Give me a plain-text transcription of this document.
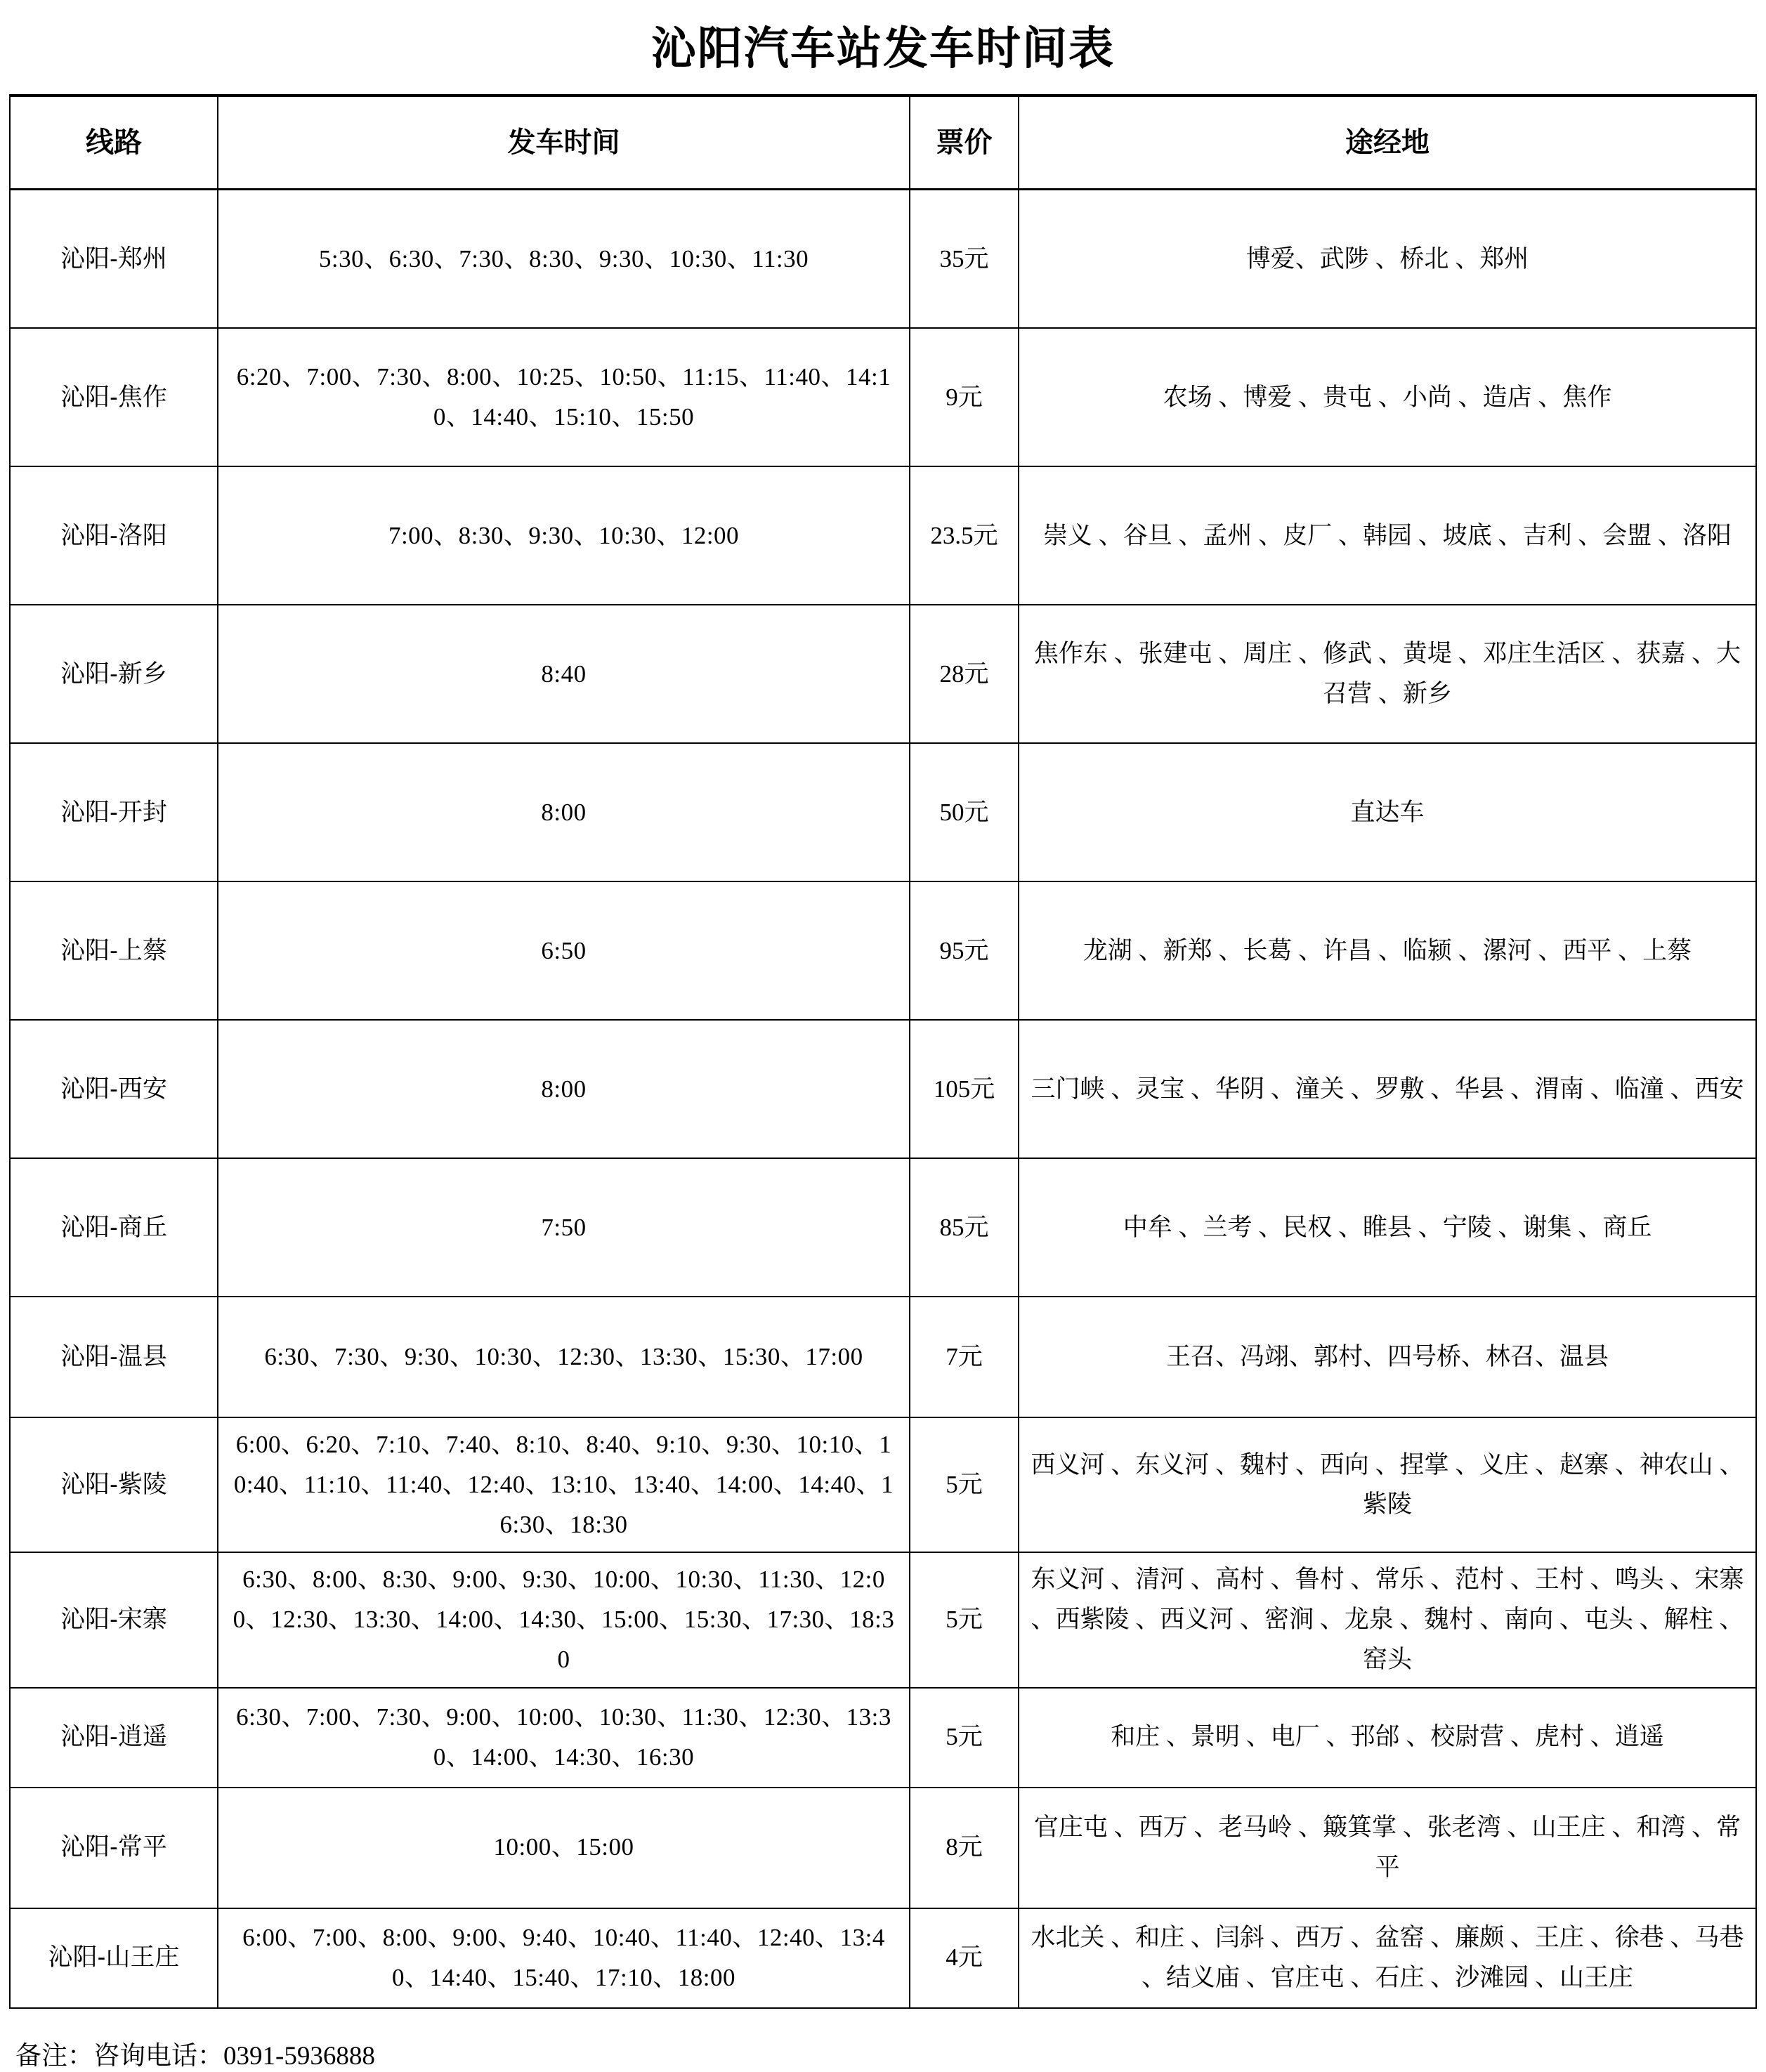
沁阳汽车站发车时间表
线路	发车时间	票价	途经地
沁阳-郑州	5:30、6:30、7:30、8:30、9:30、10:30、11:30	35元	博爱、武陟 、桥北 、郑州
沁阳-焦作	6:20、7:00、7:30、8:00、10:25、10:50、11:15、11:40、14:10、14:40、15:10、15:50	9元	农场 、博爱 、贵屯 、小尚 、造店 、焦作
沁阳-洛阳	7:00、8:30、9:30、10:30、12:00	23.5元	崇义 、谷旦 、孟州 、皮厂 、韩园 、坡底 、吉利 、会盟 、洛阳
沁阳-新乡	8:40	28元	焦作东 、张建屯 、周庄 、修武 、黄堤 、邓庄生活区 、获嘉 、大召营 、新乡
沁阳-开封	8:00	50元	直达车
沁阳-上蔡	6:50	95元	龙湖 、新郑 、长葛 、许昌 、临颍 、漯河 、西平 、上蔡
沁阳-西安	8:00	105元	三门峡 、灵宝 、华阴 、潼关 、罗敷 、华县 、渭南 、临潼 、西安
沁阳-商丘	7:50	85元	中牟 、兰考 、民权 、睢县 、宁陵 、谢集 、商丘
沁阳-温县	6:30、7:30、9:30、10:30、12:30、13:30、15:30、17:00	7元	王召、冯翊、郭村、四号桥、林召、温县
沁阳-紫陵	6:00、6:20、7:10、7:40、8:10、8:40、9:10、9:30、10:10、10:40、11:10、11:40、12:40、13:10、13:40、14:00、14:40、16:30、18:30	5元	西义河 、东义河 、魏村 、西向 、捏掌 、义庄 、赵寨 、神农山 、紫陵
沁阳-宋寨	6:30、8:00、8:30、9:00、9:30、10:00、10:30、11:30、12:00、12:30、13:30、14:00、14:30、15:00、15:30、17:30、18:30	5元	东义河 、清河 、高村 、鲁村 、常乐 、范村 、王村 、鸣头 、宋寨 、西紫陵 、西义河 、密涧 、龙泉 、魏村 、南向 、屯头 、解柱 、窑头
沁阳-逍遥	6:30、7:00、7:30、9:00、10:00、10:30、11:30、12:30、13:30、14:00、14:30、16:30	5元	和庄 、景明 、电厂 、邘邰 、校尉营 、虎村 、逍遥
沁阳-常平	10:00、15:00	8元	官庄屯 、西万 、老马岭 、簸箕掌 、张老湾 、山王庄 、和湾 、常平
沁阳-山王庄	6:00、7:00、8:00、9:00、9:40、10:40、11:40、12:40、13:40、14:40、15:40、17:10、18:00	4元	水北关 、和庄 、闫斜 、西万 、盆窑 、廉颇 、王庄 、徐巷 、马巷 、结义庙 、官庄屯 、石庄 、沙滩园 、山王庄
备注：咨询电话：0391-5936888
